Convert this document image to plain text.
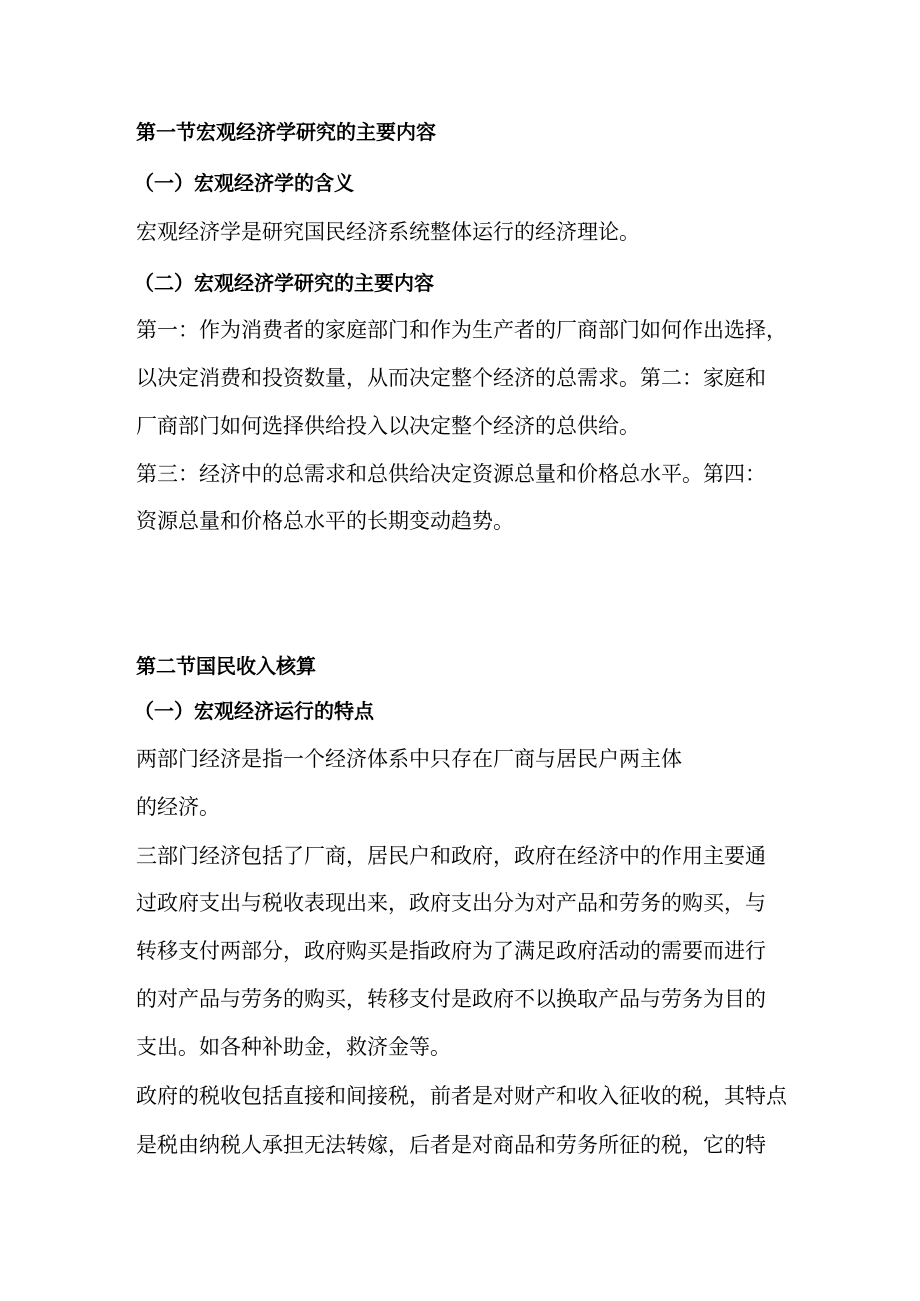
第一节宏观经济学研究的主要内容

（一）宏观经济学的含义

宏观经济学是研究国民经济系统整体运行的经济理论。

（二）宏观经济学研究的主要内容

第一：作为消费者的家庭部门和作为生产者的厂商部门如何作出选择，

以决定消费和投资数量，从而决定整个经济的总需求。第二：家庭和

厂商部门如何选择供给投入以决定整个经济的总供给。

第三：经济中的总需求和总供给决定资源总量和价格总水平。第四：

资源总量和价格总水平的长期变动趋势。

第二节国民收入核算

（一）宏观经济运行的特点

两部门经济是指一个经济体系中只存在厂商与居民户两主体

的经济。

三部门经济包括了厂商，居民户和政府，政府在经济中的作用主要通

过政府支出与税收表现出来，政府支出分为对产品和劳务的购买，与

转移支付两部分，政府购买是指政府为了满足政府活动的需要而进行

的对产品与劳务的购买，转移支付是政府不以换取产品与劳务为目的

支出。如各种补助金，救济金等。

政府的税收包括直接和间接税，前者是对财产和收入征收的税，其特点

是税由纳税人承担无法转嫁，后者是对商品和劳务所征的税，它的特
